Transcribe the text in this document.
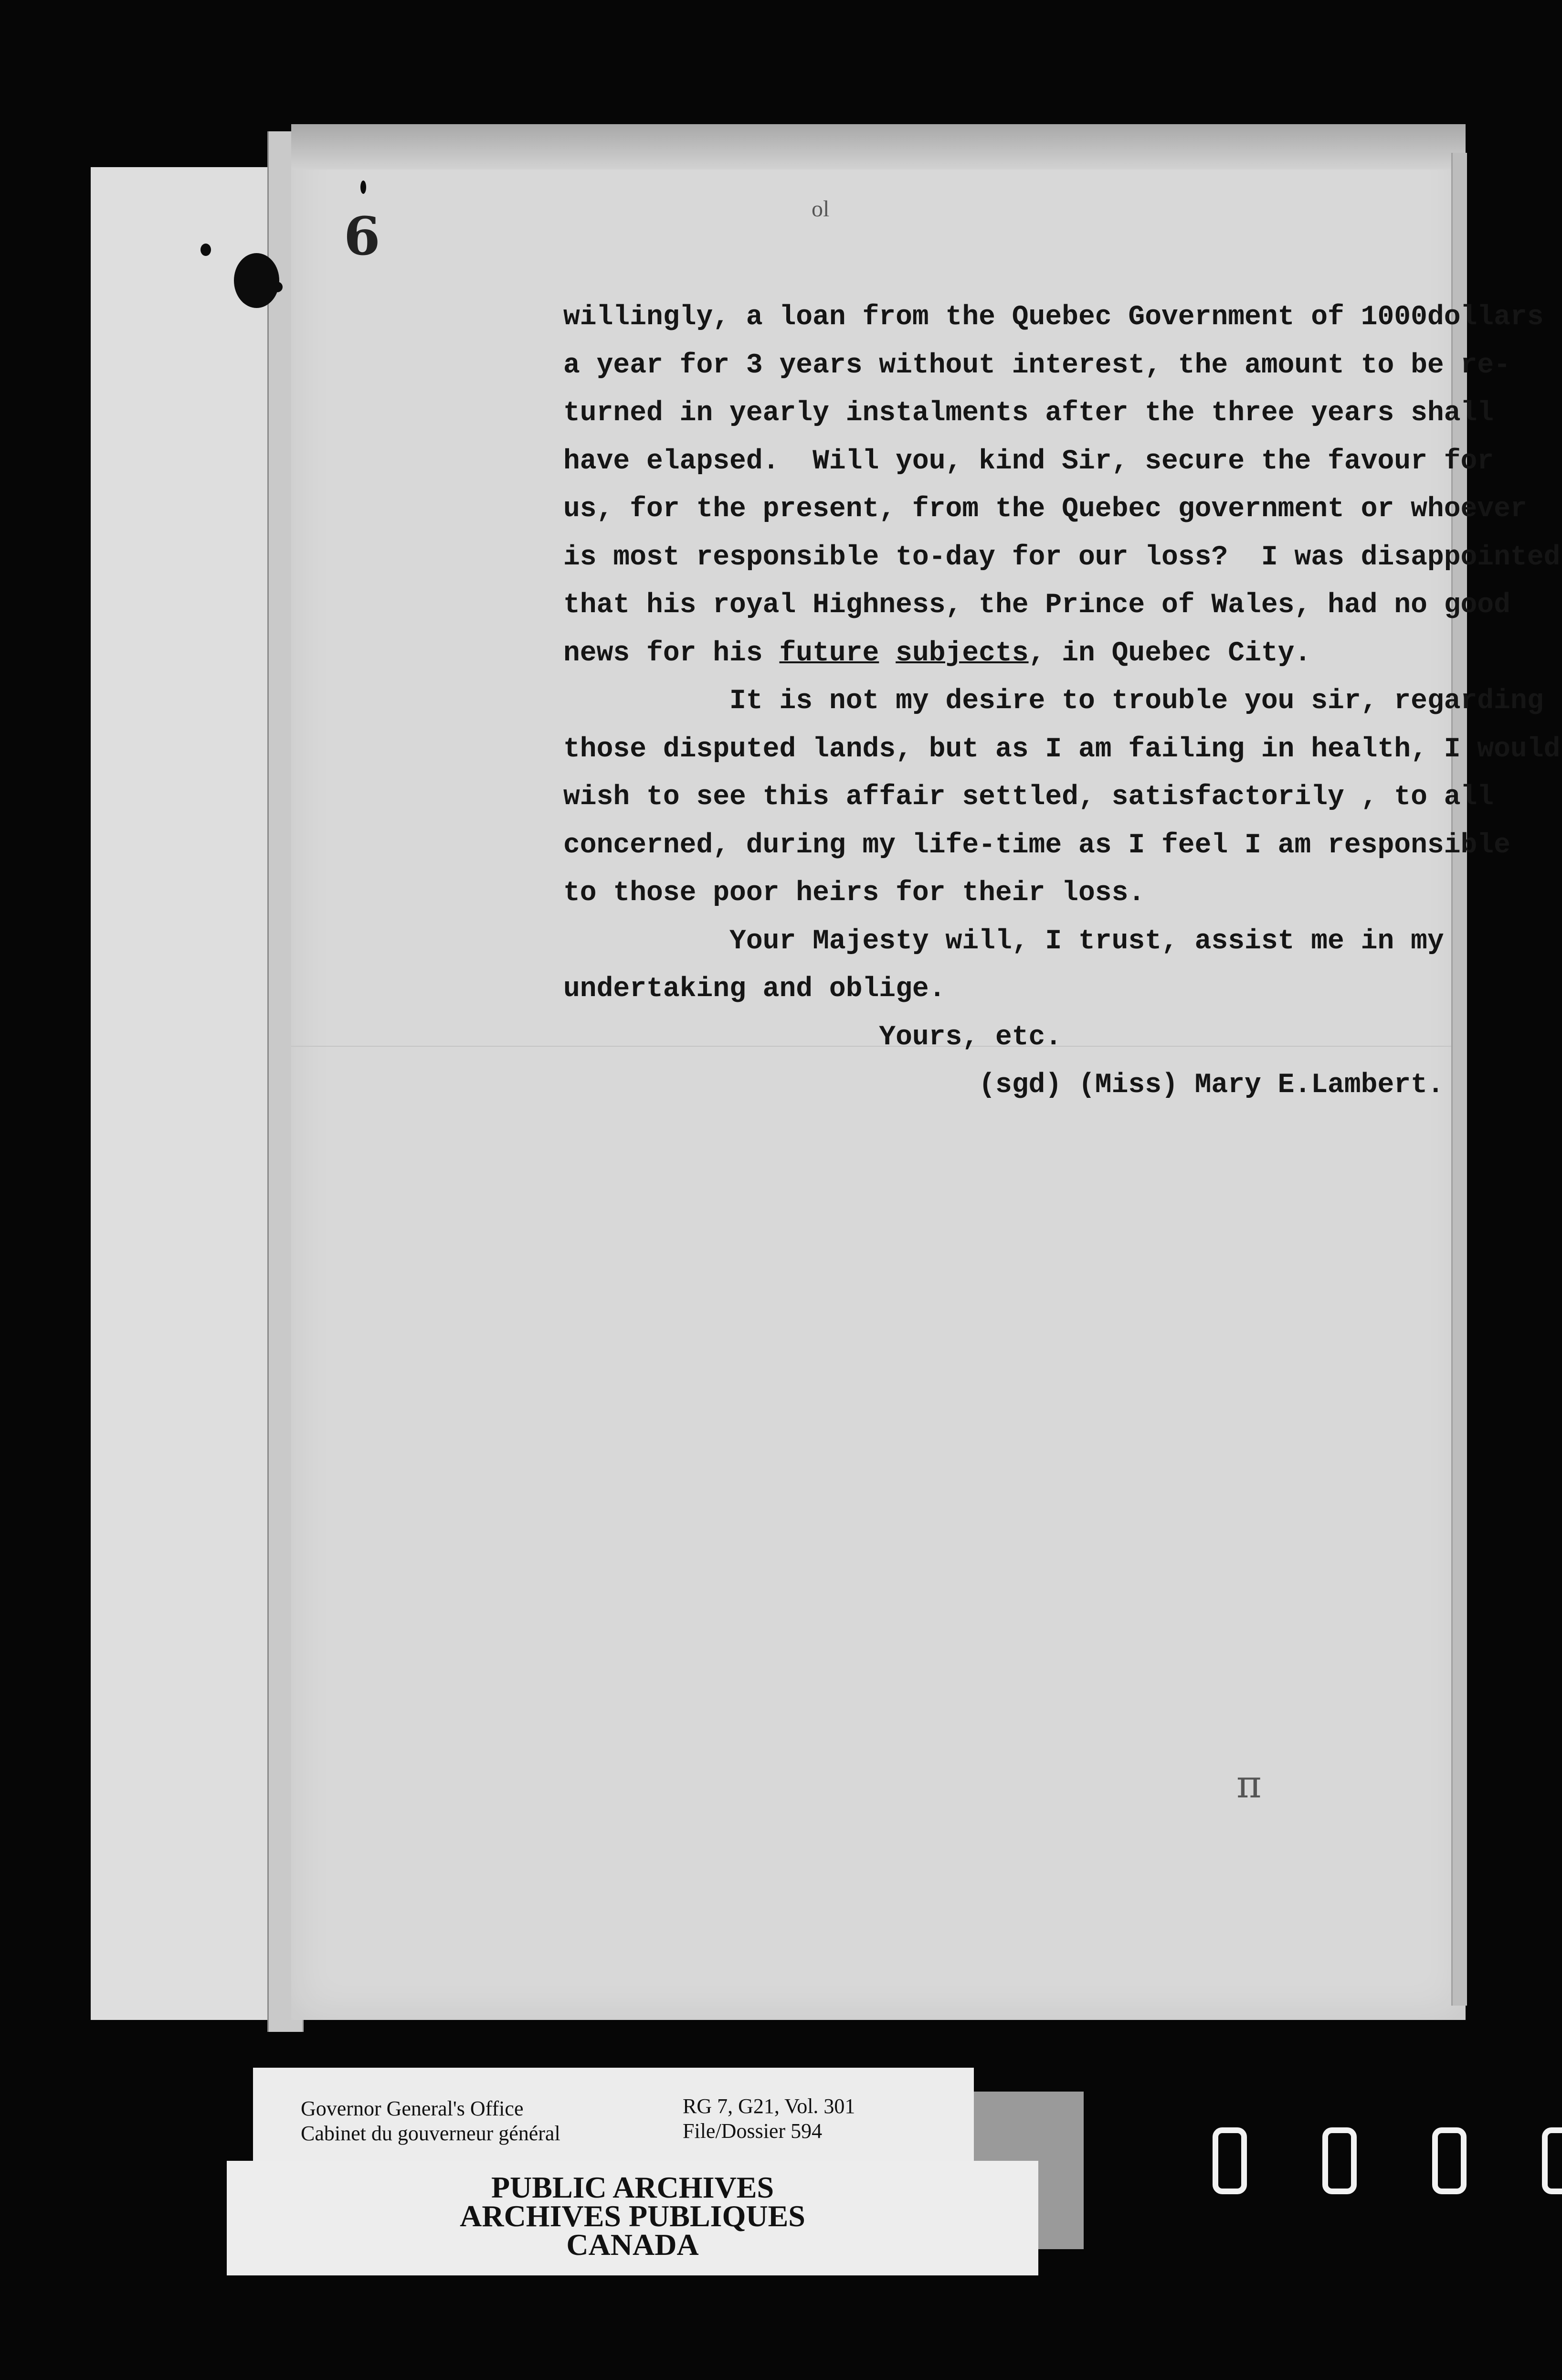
ol
6
willingly, a loan from the Quebec Government of 1000dollars
a year for 3 years without interest, the amount to be re-
turned in yearly instalments after the three years shall
have elapsed.  Will you, kind Sir, secure the favour for
us, for the present, from the Quebec government or whoever
is most responsible to-day for our loss?  I was disappointed
that his royal Highness, the Prince of Wales, had no good
news for his future subjects, in Quebec City.
It is not my desire to trouble you sir, regarding
those disputed lands, but as I am failing in health, I would
wish to see this affair settled, satisfactorily , to all
concerned, during my life-time as I feel I am responsible
to those poor heirs for their loss.
Your Majesty will, I trust, assist me in my
undertaking and oblige.
Yours, etc.
(sgd) (Miss) Mary E.Lambert.
π
Governor General's Office
Cabinet du gouverneur général
RG 7, G21, Vol. 301
File/Dossier 594
PUBLIC ARCHIVES
ARCHIVES PUBLIQUES
CANADA
